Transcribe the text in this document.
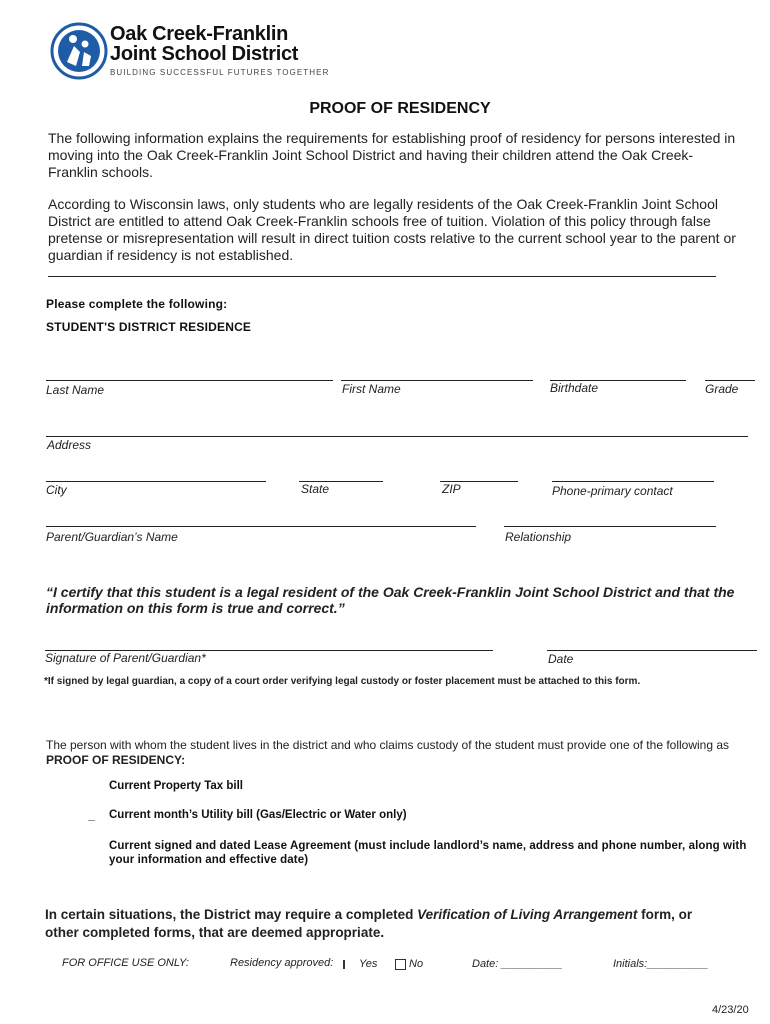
Oak Creek-Franklin
Joint School District
BUILDING SUCCESSFUL FUTURES TOGETHER
PROOF OF RESIDENCY
The following information explains the requirements for establishing proof of residency for persons interested in moving into the Oak Creek-Franklin Joint School District and having their children attend the Oak Creek-Franklin schools.
According to Wisconsin laws, only students who are legally residents of the Oak Creek-Franklin Joint School District are entitled to attend Oak Creek-Franklin schools free of tuition. Violation of this policy through false pretense or misrepresentation will result in direct tuition costs relative to the current school year to the parent or guardian if residency is not established.
Please complete the following:
STUDENT'S DISTRICT RESIDENCE
Last Name	First Name	Birthdate	Grade
Address
City	State	ZIP	Phone-primary contact
Parent/Guardian’s Name	Relationship
“I certify that this student is a legal resident of the Oak Creek-Franklin Joint School District and that the information on this form is true and correct.”
Signature of Parent/Guardian*	Date
*If signed by legal guardian, a copy of a court order verifying legal custody or foster placement must be attached to this form.
The person with whom the student lives in the district and who claims custody of the student must provide one of the following as PROOF OF RESIDENCY:
Current Property Tax bill
_ Current month’s Utility bill (Gas/Electric or Water only)
Current signed and dated Lease Agreement (must include landlord’s name, address and phone number, along with your information and effective date)
In certain situations, the District may require a completed Verification of Living Arrangement form, or other completed forms, that are deemed appropriate.
FOR OFFICE USE ONLY:	Residency approved: Yes	No	Date: __________	Initials:__________
4/23/20
